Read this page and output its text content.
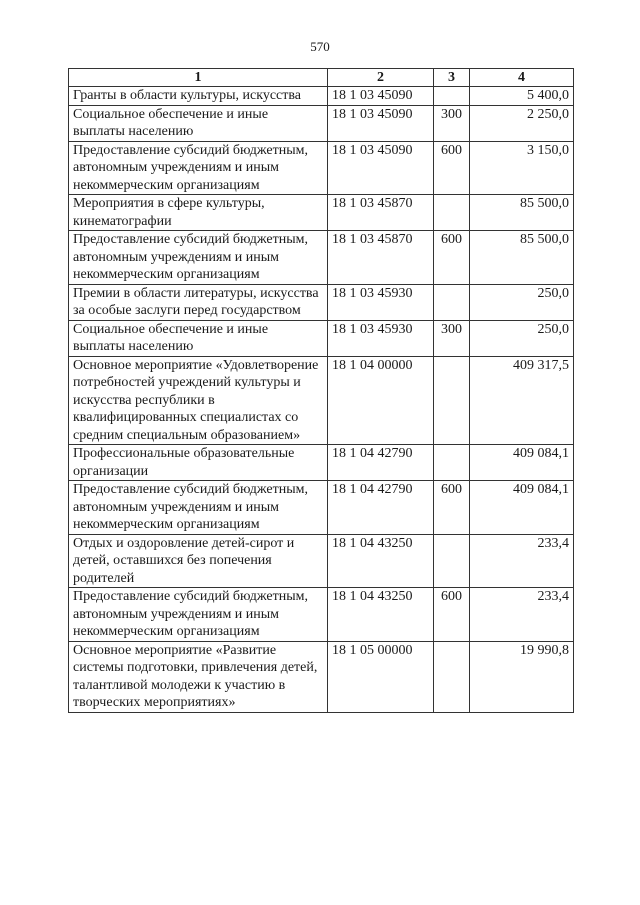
570
1	2	3	4
Гранты в области культуры, искусства	18 1 03 45090		5 400,0
Социальное обеспечение и иные выплаты населению	18 1 03 45090	300	2 250,0
Предоставление субсидий бюджетным, автономным учреждениям и иным некоммерческим организациям	18 1 03 45090	600	3 150,0
Мероприятия в сфере культуры, кинематографии	18 1 03 45870		85 500,0
Предоставление субсидий бюджетным, автономным учреждениям и иным некоммерческим организациям	18 1 03 45870	600	85 500,0
Премии в области литературы, искусства за особые заслуги перед государством	18 1 03 45930		250,0
Социальное обеспечение и иные выплаты населению	18 1 03 45930	300	250,0
Основное мероприятие «Удовлетворение потребностей учреждений культуры и искусства республики в квалифицированных специалистах со средним специальным образованием»	18 1 04 00000		409 317,5
Профессиональные образовательные организации	18 1 04 42790		409 084,1
Предоставление субсидий бюджетным, автономным учреждениям и иным некоммерческим организациям	18 1 04 42790	600	409 084,1
Отдых и оздоровление детей-сирот и детей, оставшихся без попечения родителей	18 1 04 43250		233,4
Предоставление субсидий бюджетным, автономным учреждениям и иным некоммерческим организациям	18 1 04 43250	600	233,4
Основное мероприятие «Развитие системы подготовки, привлечения детей, талантливой молодежи к участию в творческих мероприятиях»	18 1 05 00000		19 990,8
